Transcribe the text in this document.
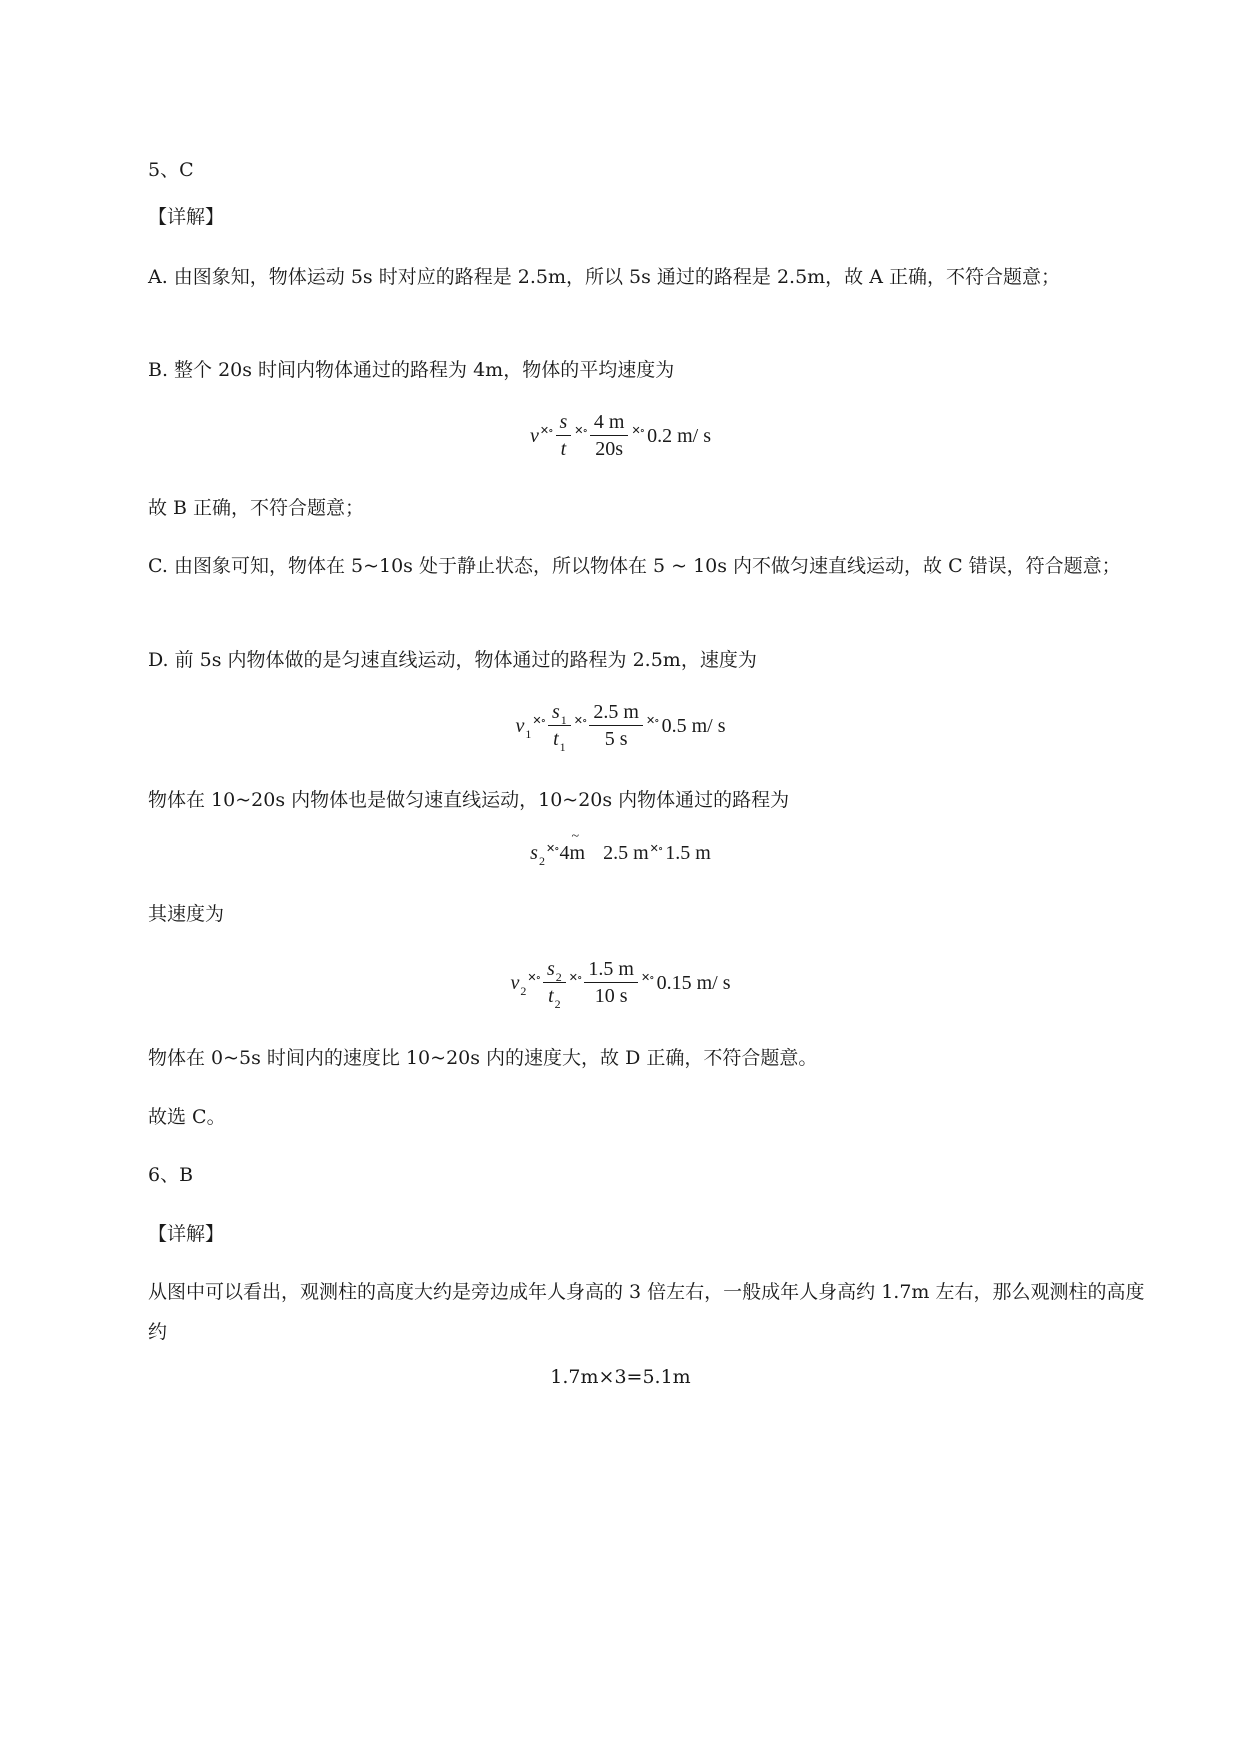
5、C

【详解】

A. 由图象知，物体运动 5s 时对应的路程是 2.5m，所以 5s 通过的路程是 2.5m，故 A 正确，不符合题意；

B. 整个 20s 时间内物体通过的路程为 4m，物体的平均速度为

v ✕∘ $\frac{s}{t}$ ✕∘ $\frac{4 m}{20s}$ ✕∘ 0.2 m/ s

故 B 正确，不符合题意；

C. 由图象可知，物体在 5~10s 处于静止状态，所以物体在 5 ~ 10s 内不做匀速直线运动，故 C 错误，符合题意；

D. 前 5s 内物体做的是匀速直线运动，物体通过的路程为 2.5m，速度为

$v_1$
✕∘ $\frac{s_1}{t_1}$ ✕∘ $\frac{2.5 m}{5 s}$ ✕∘ 0.5 m/ s

物体在 10~20s 内物体也是做匀速直线运动，10~20s 内物体通过的路程为

$s_2$
✕∘ 4 m
~
2.5 m ✕∘ 1.5 m

其速度为

$v_2$
✕∘ $\frac{s_2}{t_2}$ ✕∘ $\frac{1.5 m}{10 s}$ ✕∘ 0.15 m/ s

物体在 0~5s 时间内的速度比 10~20s 内的速度大，故 D 正确，不符合题意。

故选 C。

6、B

【详解】

从图中可以看出，观测柱的高度大约是旁边成年人身高的 3 倍左右，一般成年人身高约 1.7m 左右，那么观测柱的高度约

1.7m×3=5.1m
